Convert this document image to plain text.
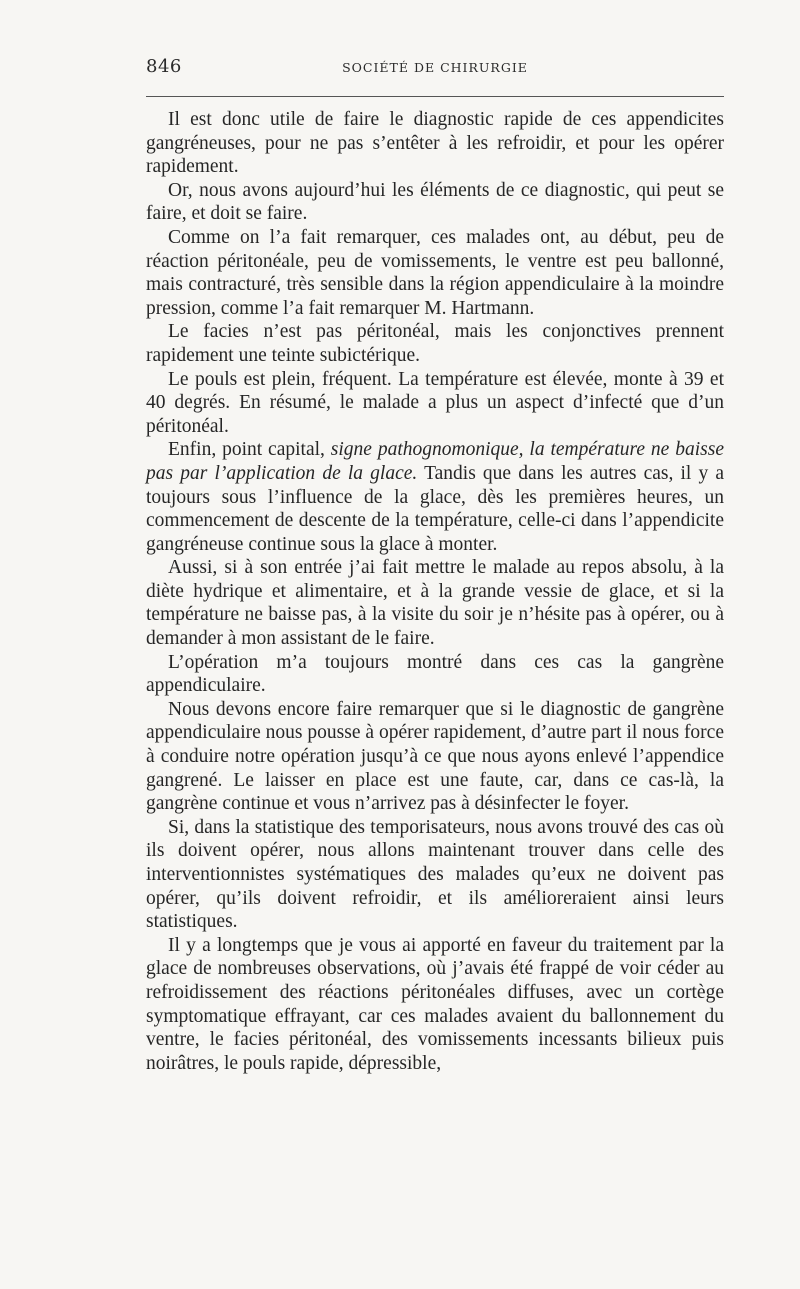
846	SOCIÉTÉ DE CHIRURGIE

Il est donc utile de faire le diagnostic rapide de ces appendicites gangréneuses, pour ne pas s’entêter à les refroidir, et pour les opérer rapidement.

Or, nous avons aujourd’hui les éléments de ce diagnostic, qui peut se faire, et doit se faire.

Comme on l’a fait remarquer, ces malades ont, au début, peu de réaction péritonéale, peu de vomissements, le ventre est peu ballonné, mais contracturé, très sensible dans la région appendiculaire à la moindre pression, comme l’a fait remarquer M. Hartmann.

Le facies n’est pas péritonéal, mais les conjonctives prennent rapidement une teinte subictérique.

Le pouls est plein, fréquent. La température est élevée, monte à 39 et 40 degrés. En résumé, le malade a plus un aspect d’infecté que d’un péritonéal.

Enfin, point capital, signe pathognomonique, la température ne baisse pas par l’application de la glace. Tandis que dans les autres cas, il y a toujours sous l’influence de la glace, dès les premières heures, un commencement de descente de la température, celle-ci dans l’appendicite gangréneuse continue sous la glace à monter.

Aussi, si à son entrée j’ai fait mettre le malade au repos absolu, à la diète hydrique et alimentaire, et à la grande vessie de glace, et si la température ne baisse pas, à la visite du soir je n’hésite pas à opérer, ou à demander à mon assistant de le faire.

L’opération m’a toujours montré dans ces cas la gangrène appendiculaire.

Nous devons encore faire remarquer que si le diagnostic de gangrène appendiculaire nous pousse à opérer rapidement, d’autre part il nous force à conduire notre opération jusqu’à ce que nous ayons enlevé l’appendice gangrené. Le laisser en place est une faute, car, dans ce cas-là, la gangrène continue et vous n’arrivez pas à désinfecter le foyer.

Si, dans la statistique des temporisateurs, nous avons trouvé des cas où ils doivent opérer, nous allons maintenant trouver dans celle des interventionnistes systématiques des malades qu’eux ne doivent pas opérer, qu’ils doivent refroidir, et ils amélioreraient ainsi leurs statistiques.

Il y a longtemps que je vous ai apporté en faveur du traitement par la glace de nombreuses observations, où j’avais été frappé de voir céder au refroidissement des réactions péritonéales diffuses, avec un cortège symptomatique effrayant, car ces malades avaient du ballonnement du ventre, le facies péritonéal, des vomissements incessants bilieux puis noirâtres, le pouls rapide, dépressible,
